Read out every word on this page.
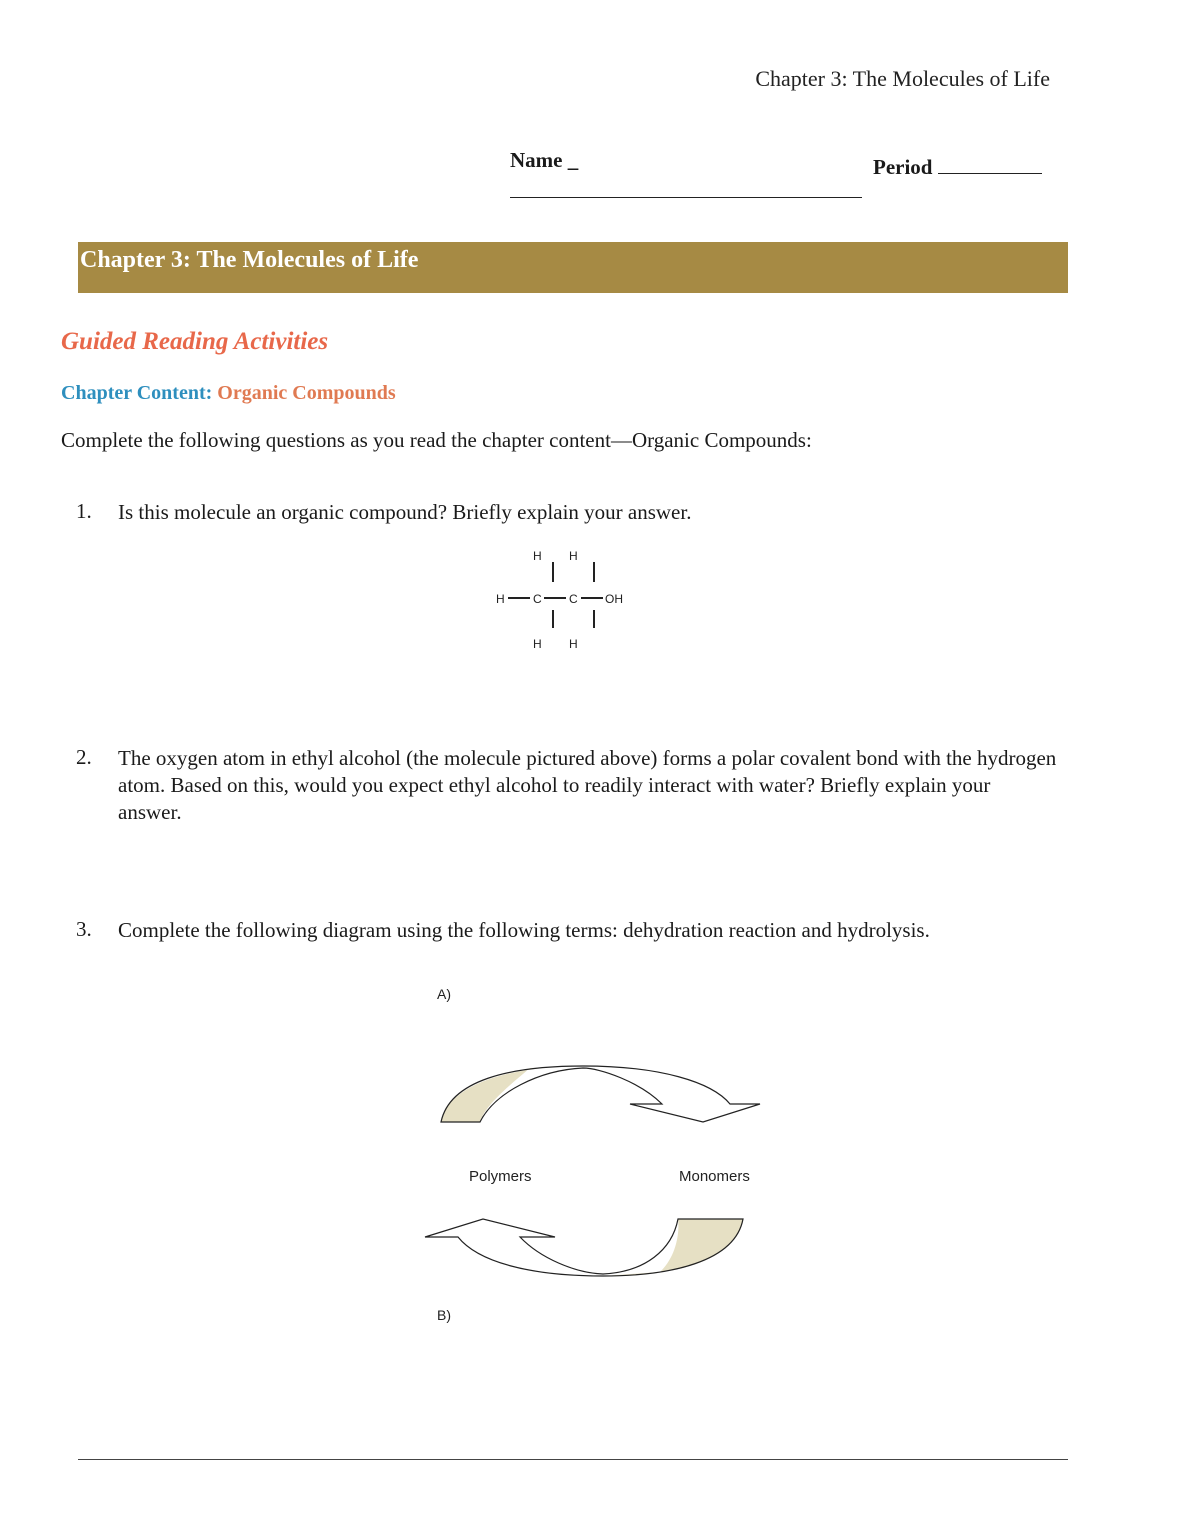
Chapter 3: The Molecules of Life
Name _	Period
Chapter 3: The Molecules of Life
Guided Reading Activities
Chapter Content: Organic Compounds
Complete the following questions as you read the chapter content—Organic Compounds:
1. Is this molecule an organic compound? Briefly explain your answer.
H H
H C C OH
H H
2. The oxygen atom in ethyl alcohol (the molecule pictured above) forms a polar covalent bond with the hydrogen atom. Based on this, would you expect ethyl alcohol to readily interact with water? Briefly explain your answer.
3. Complete the following diagram using the following terms: dehydration reaction and hydrolysis.
A)
Polymers	Monomers
B)
